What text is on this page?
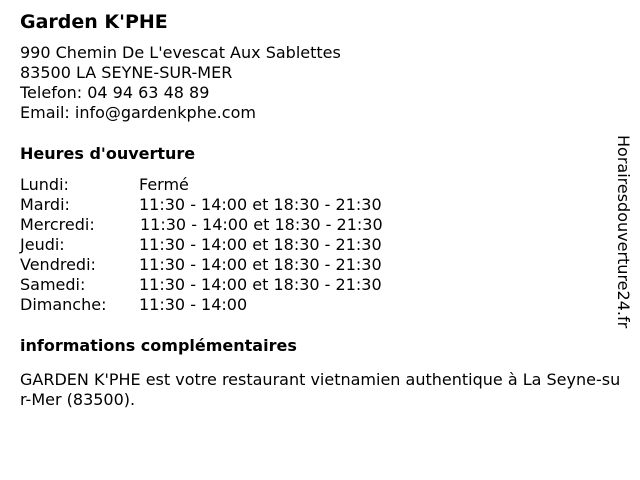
Garden K'PHE
990 Chemin De L'evescat Aux Sablettes
83500 LA SEYNE-SUR-MER
Telefon: 04 94 63 48 89
Email: info@gardenkphe.com
Heures d'ouverture
Lundi:	Fermé
Mardi:	11:30 - 14:00 et 18:30 - 21:30
Mercredi:	11:30 - 14:00 et 18:30 - 21:30
Jeudi:	11:30 - 14:00 et 18:30 - 21:30
Vendredi:	11:30 - 14:00 et 18:30 - 21:30
Samedi:	11:30 - 14:00 et 18:30 - 21:30
Dimanche:	11:30 - 14:00
informations complémentaires
GARDEN K'PHE est votre restaurant vietnamien authentique à La Seyne-sur-Mer (83500).
Horairesdouverture24.fr
